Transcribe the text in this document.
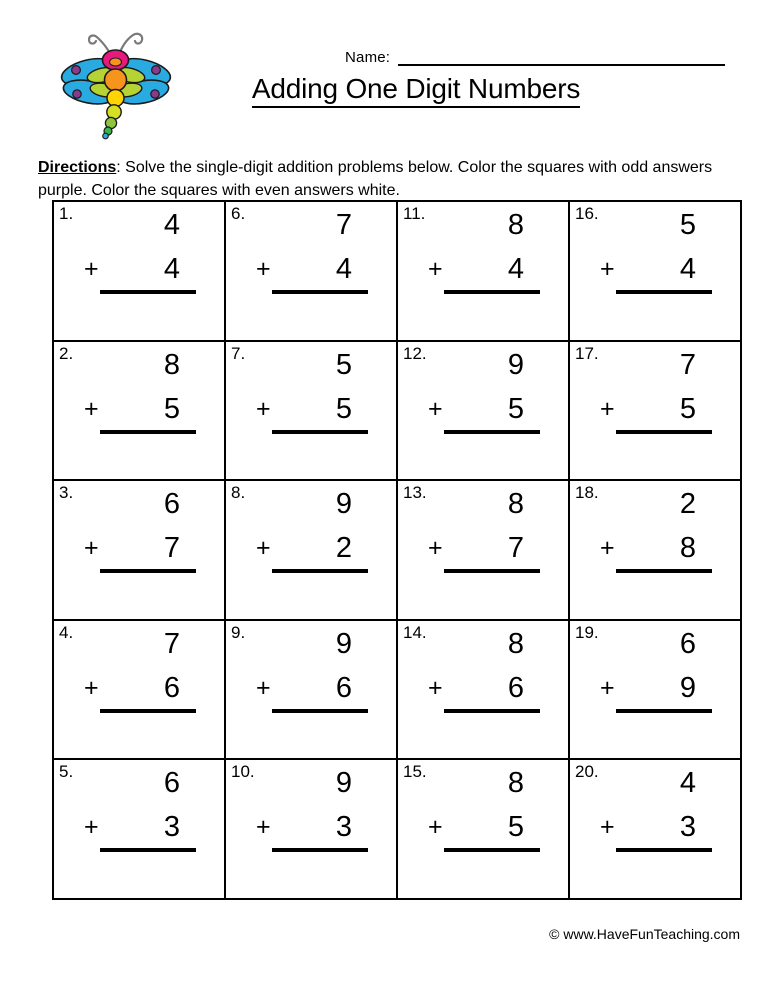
Name:
Adding One Digit Numbers

Directions: Solve the single-digit addition problems below. Color the squares with odd answers purple. Color the squares with even answers white.

1.	4
+ 4
6.	7
+ 4
11.	8
+ 4
16.	5
+ 4
2.	8
+ 5
7.	5
+ 5
12.	9
+ 5
17.	7
+ 5
3.	6
+ 7
8.	9
+ 2
13.	8
+ 7
18.	2
+ 8
4.	7
+ 6
9.	9
+ 6
14.	8
+ 6
19.	6
+ 9
5.	6
+ 3
10.	9
+ 3
15.	8
+ 5
20.	4
+ 3
© www.HaveFunTeaching.com
